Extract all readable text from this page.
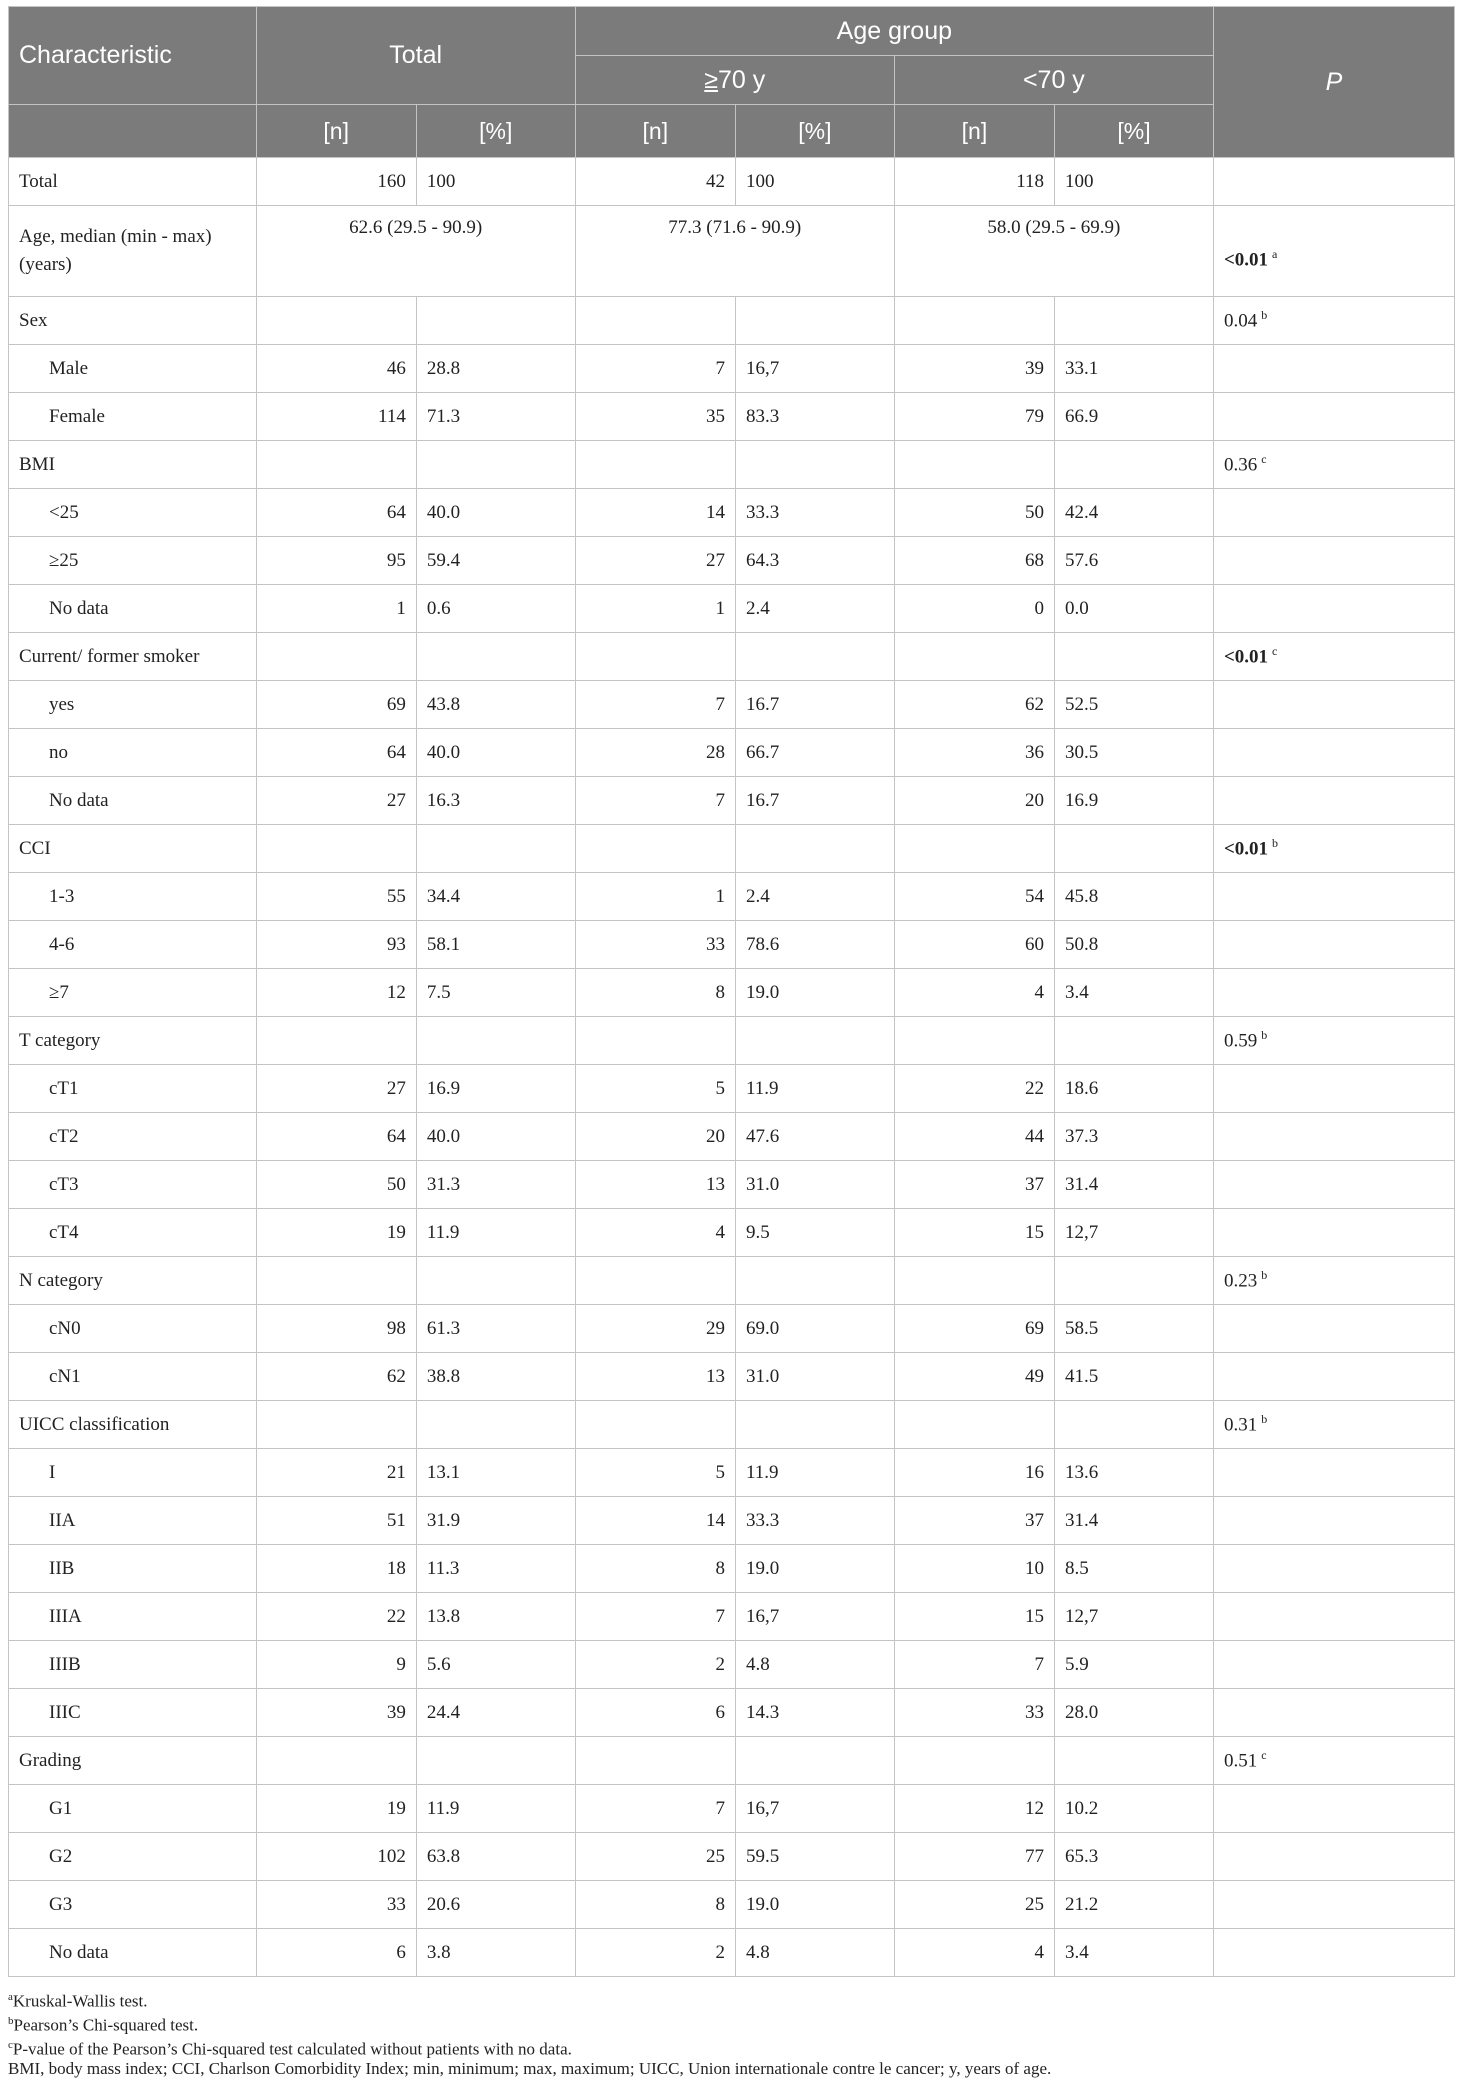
Characteristic	Total		Age group				P
			≥70 y		<70 y		
	[n]	[%]	[n]	[%]	[n]	[%]	
Total	160	100	42	100	118	100	
Age, median (min - max) (years)	62.6 (29.5 - 90.9)		77.3 (71.6 - 90.9)		58.0 (29.5 - 69.9)		<0.01 $^a$
Sex							0.04 $^b$
Male	46	28.8	7	16,7	39	33.1	
Female	114	71.3	35	83.3	79	66.9	
BMI							0.36 $^c$
<25	64	40.0	14	33.3	50	42.4	
≥25	95	59.4	27	64.3	68	57.6	
No data	1	0.6	1	2.4	0	0.0	
Current/ former smoker							<0.01 $^c$
yes	69	43.8	7	16.7	62	52.5	
no	64	40.0	28	66.7	36	30.5	
No data	27	16.3	7	16.7	20	16.9	
CCI							<0.01 $^b$
1-3	55	34.4	1	2.4	54	45.8	
4-6	93	58.1	33	78.6	60	50.8	
≥7	12	7.5	8	19.0	4	3.4	
T category							0.59 $^b$
cT1	27	16.9	5	11.9	22	18.6	
cT2	64	40.0	20	47.6	44	37.3	
cT3	50	31.3	13	31.0	37	31.4	
cT4	19	11.9	4	9.5	15	12,7	
N category							0.23 $^b$
cN0	98	61.3	29	69.0	69	58.5	
cN1	62	38.8	13	31.0	49	41.5	
UICC classification							0.31 $^b$
I	21	13.1	5	11.9	16	13.6	
IIA	51	31.9	14	33.3	37	31.4	
IIB	18	11.3	8	19.0	10	8.5	
IIIA	22	13.8	7	16,7	15	12,7	
IIIB	9	5.6	2	4.8	7	5.9	
IIIC	39	24.4	6	14.3	33	28.0	
Grading							0.51 $^c$
G1	19	11.9	7	16,7	12	10.2	
G2	102	63.8	25	59.5	77	65.3	
G3	33	20.6	8	19.0	25	21.2	
No data	6	3.8	2	4.8	4	3.4	
$^a$Kruskal-Wallis test.
$^b$Pearson’s Chi-squared test.
$^c$P-value of the Pearson’s Chi-squared test calculated without patients with no data.
BMI, body mass index; CCI, Charlson Comorbidity Index; min, minimum; max, maximum; UICC, Union internationale contre le cancer; y, years of age.
